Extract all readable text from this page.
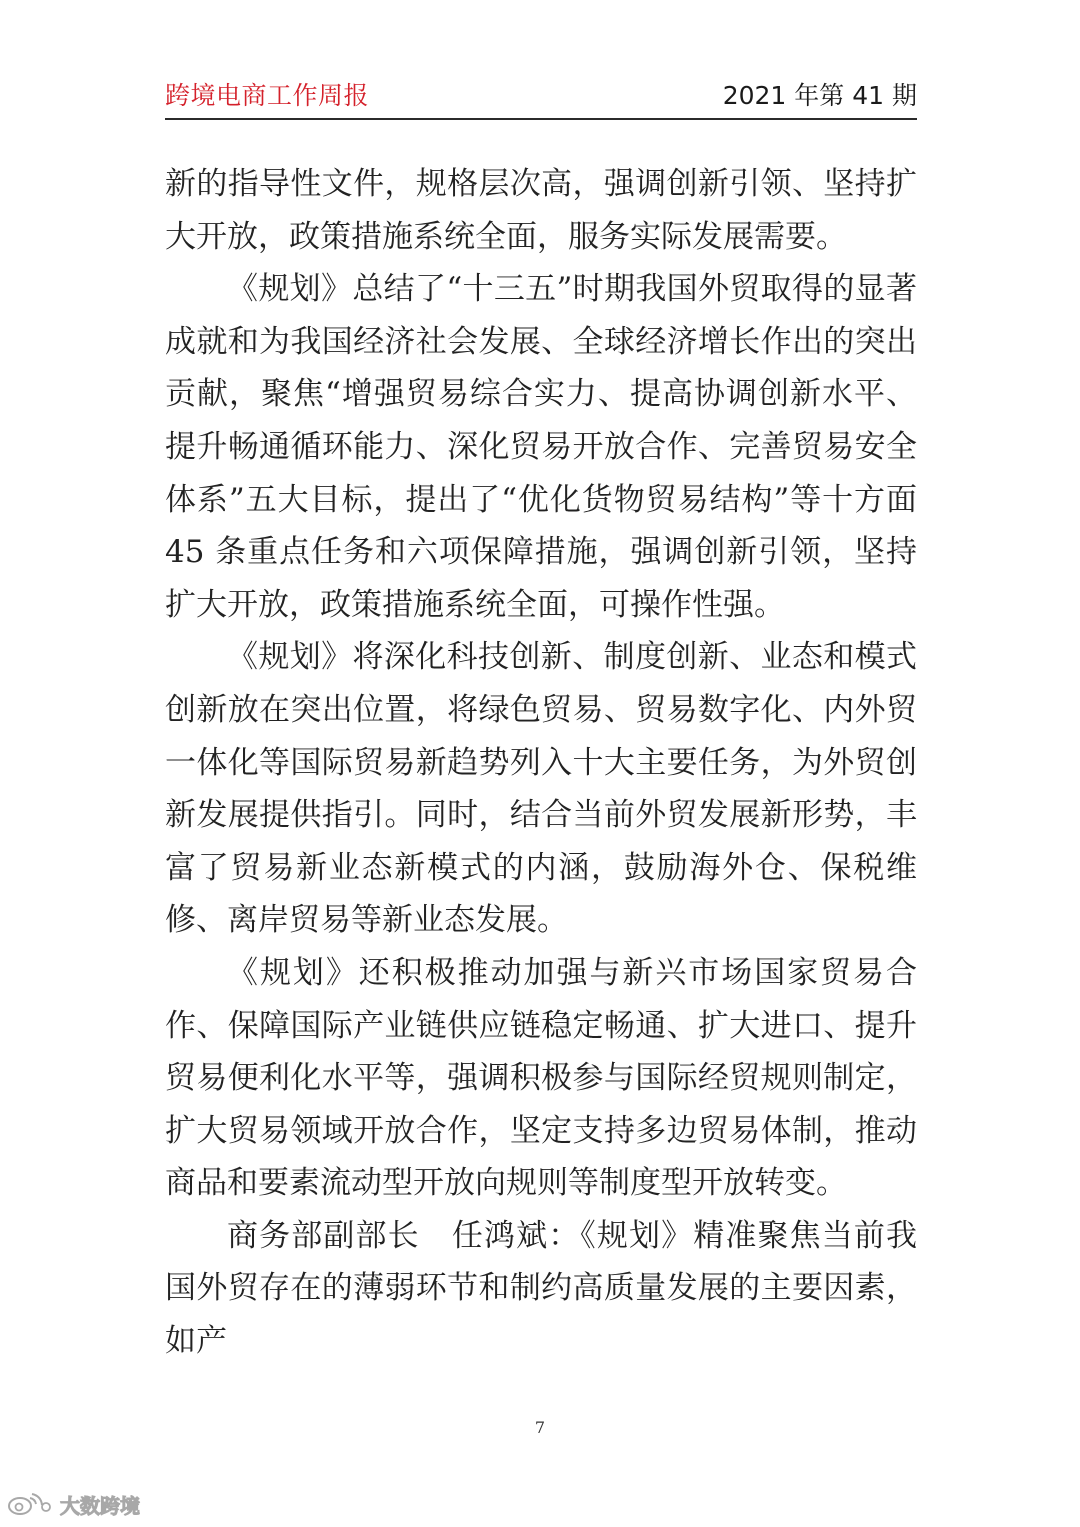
跨境电商工作周报	2021 年第 41 期

新的指导性文件，规格层次高，强调创新引领、坚持扩大开放，政策措施系统全面，服务实际发展需要。

《规划》总结了“十三五”时期我国外贸取得的显著成就和为我国经济社会发展、全球经济增长作出的突出贡献，聚焦“增强贸易综合实力、提高协调创新水平、提升畅通循环能力、深化贸易开放合作、完善贸易安全体系”五大目标，提出了“优化货物贸易结构”等十方面 45 条重点任务和六项保障措施，强调创新引领，坚持扩大开放，政策措施系统全面，可操作性强。

《规划》将深化科技创新、制度创新、业态和模式创新放在突出位置，将绿色贸易、贸易数字化、内外贸一体化等国际贸易新趋势列入十大主要任务，为外贸创新发展提供指引。同时，结合当前外贸发展新形势，丰富了贸易新业态新模式的内涵，鼓励海外仓、保税维修、离岸贸易等新业态发展。

《规划》还积极推动加强与新兴市场国家贸易合作、保障国际产业链供应链稳定畅通、扩大进口、提升贸易便利化水平等，强调积极参与国际经贸规则制定，扩大贸易领域开放合作，坚定支持多边贸易体制，推动商品和要素流动型开放向规则等制度型开放转变。

商务部副部长　任鸿斌：《规划》精准聚焦当前我国外贸存在的薄弱环节和制约高质量发展的主要因素，如产

7
大数跨境
